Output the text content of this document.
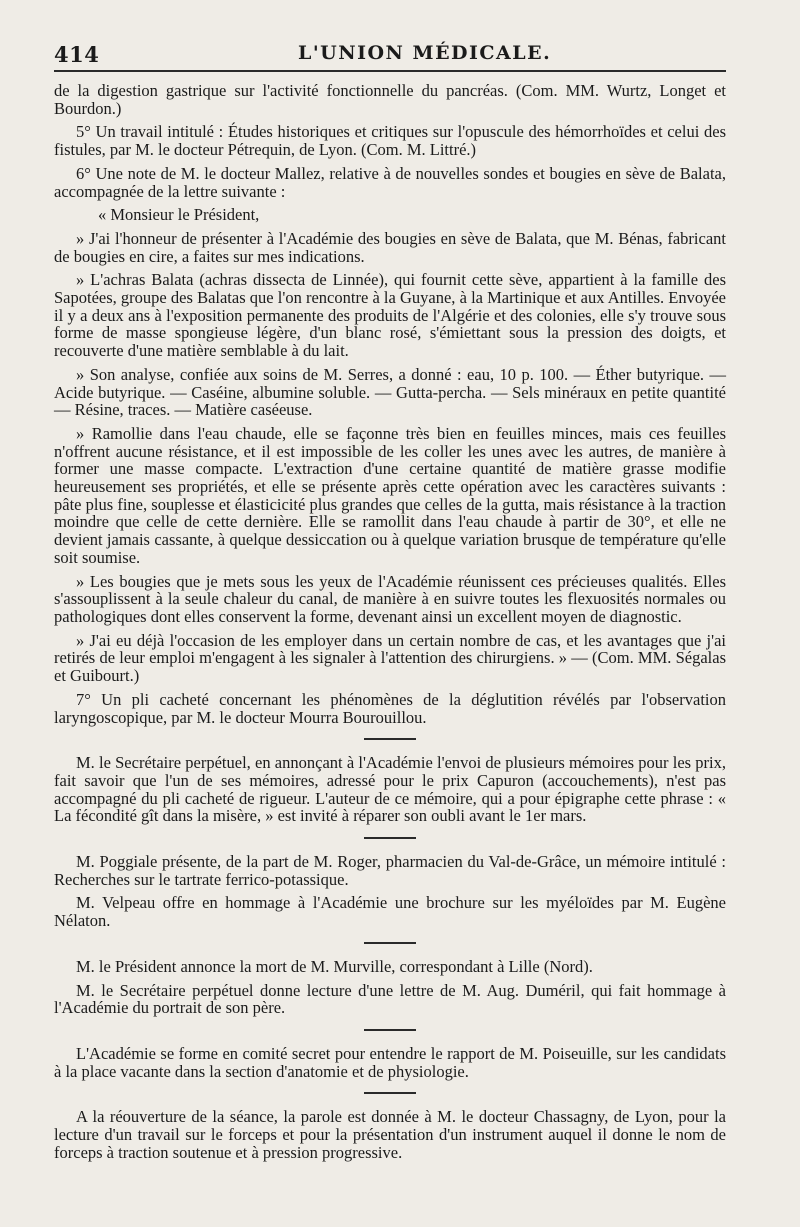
414	L'UNION MÉDICALE.

de la digestion gastrique sur l'activité fonctionnelle du pancréas. (Com. MM. Wurtz, Longet et Bourdon.)

5° Un travail intitulé : Études historiques et critiques sur l'opuscule des hémorrhoïdes et celui des fistules, par M. le docteur Pétrequin, de Lyon. (Com. M. Littré.)

6° Une note de M. le docteur Mallez, relative à de nouvelles sondes et bougies en sève de Balata, accompagnée de la lettre suivante :

« Monsieur le Président,

» J'ai l'honneur de présenter à l'Académie des bougies en sève de Balata, que M. Bénas, fabricant de bougies en cire, a faites sur mes indications.

» L'achras Balata (achras dissecta de Linnée), qui fournit cette sève, appartient à la famille des Sapotées, groupe des Balatas que l'on rencontre à la Guyane, à la Martinique et aux Antilles. Envoyée il y a deux ans à l'exposition permanente des produits de l'Algérie et des colonies, elle s'y trouve sous forme de masse spongieuse légère, d'un blanc rosé, s'émiettant sous la pression des doigts, et recouverte d'une matière semblable à du lait.

» Son analyse, confiée aux soins de M. Serres, a donné : eau, 10 p. 100. — Éther butyrique. — Acide butyrique. — Caséine, albumine soluble. — Gutta-percha. — Sels minéraux en petite quantité — Résine, traces. — Matière caséeuse.

» Ramollie dans l'eau chaude, elle se façonne très bien en feuilles minces, mais ces feuilles n'offrent aucune résistance, et il est impossible de les coller les unes avec les autres, de manière à former une masse compacte. L'extraction d'une certaine quantité de matière grasse modifie heureusement ses propriétés, et elle se présente après cette opération avec les caractères suivants : pâte plus fine, souplesse et élasticicité plus grandes que celles de la gutta, mais résistance à la traction moindre que celle de cette dernière. Elle se ramollit dans l'eau chaude à partir de 30°, et elle ne devient jamais cassante, à quelque dessiccation ou à quelque variation brusque de température qu'elle soit soumise.

» Les bougies que je mets sous les yeux de l'Académie réunissent ces précieuses qualités. Elles s'assouplissent à la seule chaleur du canal, de manière à en suivre toutes les flexuosités normales ou pathologiques dont elles conservent la forme, devenant ainsi un excellent moyen de diagnostic.

» J'ai eu déjà l'occasion de les employer dans un certain nombre de cas, et les avantages que j'ai retirés de leur emploi m'engagent à les signaler à l'attention des chirurgiens. » — (Com. MM. Ségalas et Guibourt.)

7° Un pli cacheté concernant les phénomènes de la déglutition révélés par l'observation laryngoscopique, par M. le docteur Mourra Bourouillou.

M. le Secrétaire perpétuel, en annonçant à l'Académie l'envoi de plusieurs mémoires pour les prix, fait savoir que l'un de ses mémoires, adressé pour le prix Capuron (accouchements), n'est pas accompagné du pli cacheté de rigueur. L'auteur de ce mémoire, qui a pour épigraphe cette phrase : « La fécondité gît dans la misère, » est invité à réparer son oubli avant le 1er mars.

M. Poggiale présente, de la part de M. Roger, pharmacien du Val-de-Grâce, un mémoire intitulé : Recherches sur le tartrate ferrico-potassique.

M. Velpeau offre en hommage à l'Académie une brochure sur les myéloïdes par M. Eugène Nélaton.

M. le Président annonce la mort de M. Murville, correspondant à Lille (Nord).

M. le Secrétaire perpétuel donne lecture d'une lettre de M. Aug. Duméril, qui fait hommage à l'Académie du portrait de son père.

L'Académie se forme en comité secret pour entendre le rapport de M. Poiseuille, sur les candidats à la place vacante dans la section d'anatomie et de physiologie.

A la réouverture de la séance, la parole est donnée à M. le docteur Chassagny, de Lyon, pour la lecture d'un travail sur le forceps et pour la présentation d'un instrument auquel il donne le nom de forceps à traction soutenue et à pression progressive.
